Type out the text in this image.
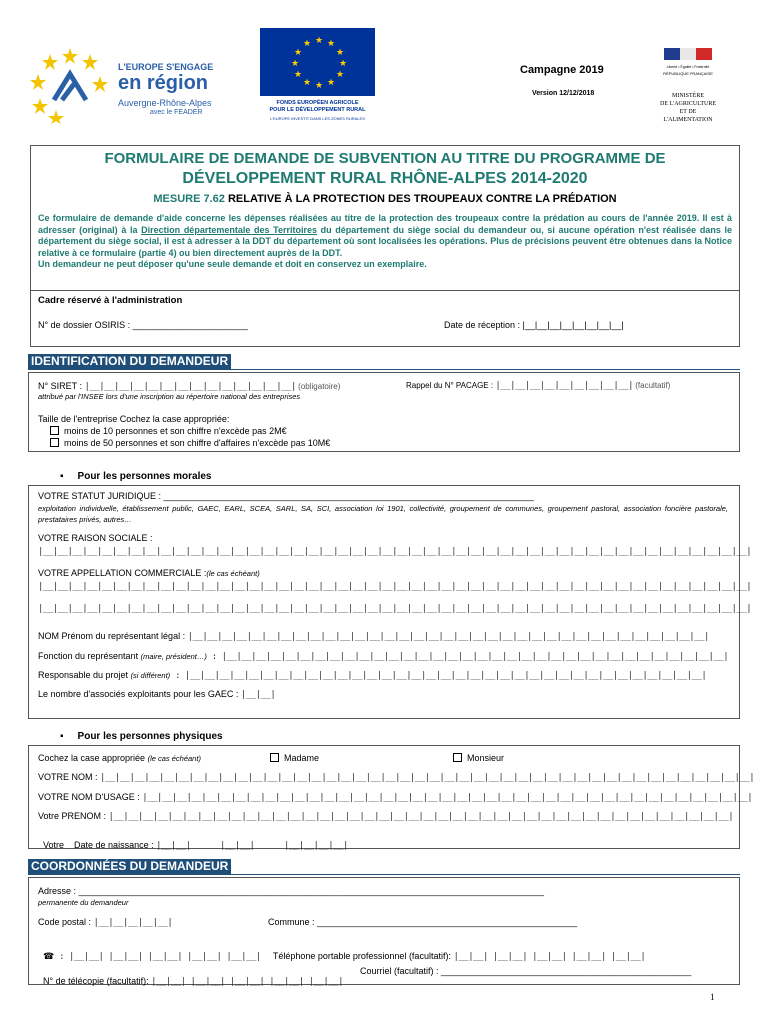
L'EUROPE S'ENGAGE
en région
Auvergne-Rhône-Alpes
avec le FEADER
★ ★
★
★
★
★
★
★
★
★
★
★
FONDS EUROPÉEN AGRICOLE
POUR LE DÉVELOPPEMENT RURAL
L'EUROPE INVESTIT DANS LES ZONES RURALES
Campagne 2019
Version 12/12/2018
Liberté • Égalité • Fraternité
RÉPUBLIQUE FRANÇAISE
MINISTÈRE
DE L'AGRICULTURE
ET DE
L'ALIMENTATION
FORMULAIRE DE DEMANDE DE SUBVENTION AU TITRE DU PROGRAMME DE
DÉVELOPPEMENT RURAL RHÔNE-ALPES 2014-2020
MESURE 7.62 RELATIVE À LA PROTECTION DES TROUPEAUX CONTRE LA PRÉDATION
Ce formulaire de demande d'aide concerne les dépenses réalisées au titre de la protection des troupeaux contre la prédation au cours de l'année 2019. Il est à adresser (original) à la Direction départementale des Territoires du département du siège social du demandeur ou, si aucune opération n'est réalisée dans le département du siège social, il est à adresser à la DDT du département où sont localisées les opérations. Plus de précisions peuvent être obtenues dans la Notice relative à ce formulaire (partie 4) ou bien directement auprès de la DDT.
Un demandeur ne peut déposer qu'une seule demande et doit en conservez un exemplaire.
Cadre réservé à l'administration
N° de dossier OSIRIS : _______________________	Date de réception : |__|__|__|__|__|__|__|__|
IDENTIFICATION DU DEMANDEUR
N° SIRET : |__|__|__|__|__|__|__|__|__|__|__|__|__|__| (obligatoire)
attribué par l'INSEE lors d'une inscription au répertoire national des entreprises
Rappel du N° PACAGE : |__|__|__|__|__|__|__|__|__| (facultatif)
Taille de l'entreprise Cochez la case appropriée:
moins de 10 personnes et son chiffre n'excède pas 2M€
moins de 50 personnes et son chiffre d'affaires n'excède pas 10M€
▪ Pour les personnes morales
VOTRE STATUT JURIDIQUE : __________________________________________________________________________
exploitation individuelle, établissement public, GAEC, EARL, SCEA, SARL, SA, SCI, association loi 1901, collectivité, groupement de communes, groupement pastoral, association foncière pastorale, prestataires privés, autres…
VOTRE RAISON SOCIALE :
|__|__|__|__|__|__|__|__|__|__|__|__|__|__|__|__|__|__|__|__|__|__|__|__|__|__|__|__|__|__|__|__|__|__|__|__|__|__|__|__|__|__|__|__|__|__|__|__|
VOTRE APPELLATION COMMERCIALE :(le cas échéant)
|__|__|__|__|__|__|__|__|__|__|__|__|__|__|__|__|__|__|__|__|__|__|__|__|__|__|__|__|__|__|__|__|__|__|__|__|__|__|__|__|__|__|__|__|__|__|__|__|
|__|__|__|__|__|__|__|__|__|__|__|__|__|__|__|__|__|__|__|__|__|__|__|__|__|__|__|__|__|__|__|__|__|__|__|__|__|__|__|__|__|__|__|__|__|__|__|__|
NOM Prénom du représentant légal : |__|__|__|__|__|__|__|__|__|__|__|__|__|__|__|__|__|__|__|__|__|__|__|__|__|__|__|__|__|__|__|__|__|__|__|
Fonction du représentant (maire, président…) : |__|__|__|__|__|__|__|__|__|__|__|__|__|__|__|__|__|__|__|__|__|__|__|__|__|__|__|__|__|__|__|__|__|__|
Responsable du projet (si différent) : |__|__|__|__|__|__|__|__|__|__|__|__|__|__|__|__|__|__|__|__|__|__|__|__|__|__|__|__|__|__|__|__|__|__|__|
Le nombre d'associés exploitants pour les GAEC : |__|__|
▪ Pour les personnes physiques
Cochez la case appropriée (le cas échéant)	Madame	Monsieur
VOTRE NOM : |__|__|__|__|__|__|__|__|__|__|__|__|__|__|__|__|__|__|__|__|__|__|__|__|__|__|__|__|__|__|__|__|__|__|__|__|__|__|__|__|__|__|__|__|
VOTRE NOM D'USAGE : |__|__|__|__|__|__|__|__|__|__|__|__|__|__|__|__|__|__|__|__|__|__|__|__|__|__|__|__|__|__|__|__|__|__|__|__|__|__|__|__|__|
Votre PRENOM : |__|__|__|__|__|__|__|__|__|__|__|__|__|__|__|__|__|__|__|__|__|__|__|__|__|__|__|__|__|__|__|__|__|__|__|__|__|__|__|__|__|__|

Votre    Date de naissance : |__|__|      |__|__|      |__|__|__|__|

COORDONNÉES DU DEMANDEUR
Adresse : _____________________________________________________________________________________________
permanente du demandeur
Code postal : |__|__|__|__|__|	Commune : ____________________________________________________

☎ : |__|__| |__|__| |__|__| |__|__| |__|__|	Téléphone portable professionnel (facultatif): |__|__| |__|__| |__|__| |__|__| |__|__|

N° de télécopie (facultatif): |__|__| |__|__| |__|__| |__|__| |__|__|

Courriel (facultatif) : __________________________________________________
1
